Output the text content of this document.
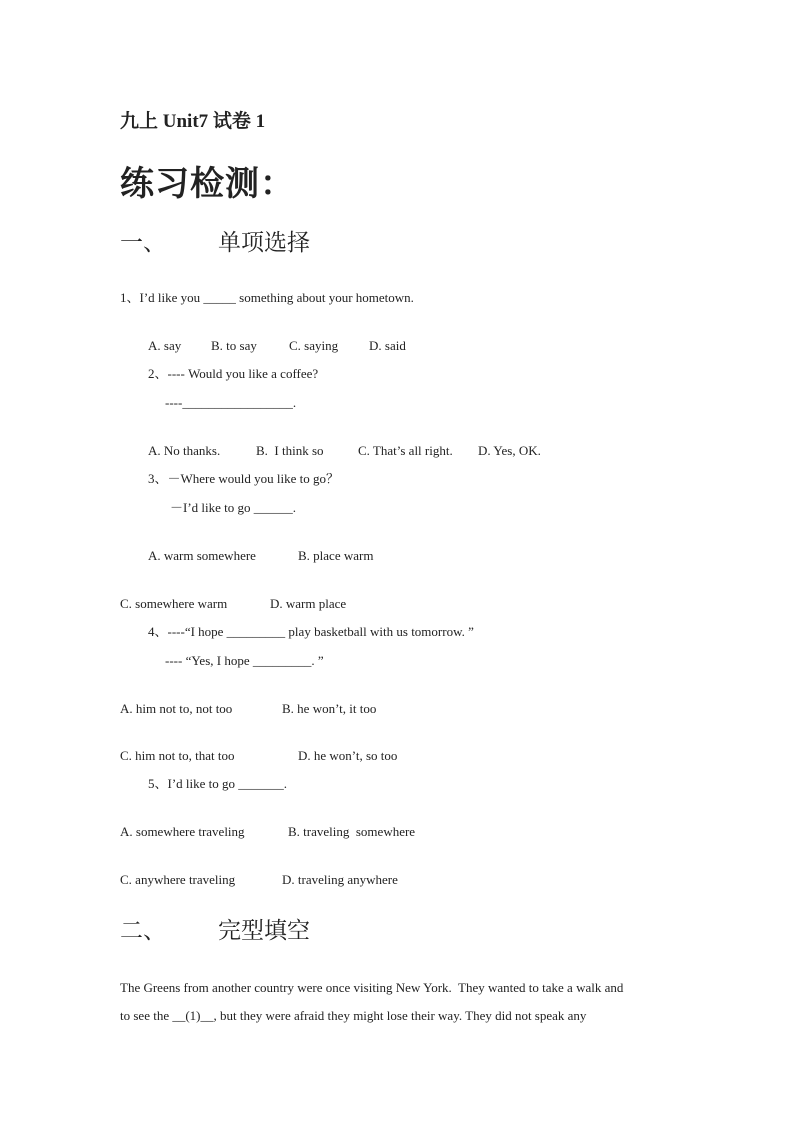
九上 Unit7 试卷 1
练习检测：
一、 单项选择
1、I’d like you _____ something about your hometown.
A. say B. to say C. saying D. said
2、---- Would you like a coffee?
----_________________.
A. No thanks.	B.  I think so	C. That’s all right. D. Yes, OK.
3、－Where would you like to go？
－I’d like to go ______.
A. warm somewhere	B. place warm
C. somewhere warm	D. warm place
4、----“I hope _________ play basketball with us tomorrow. ”
---- “Yes, I hope _________. ”
A. him not to, not too	B. he won’t, it too
C. him not to, that too	D. he won’t, so too
5、I’d like to go _______.
A. somewhere traveling	B. traveling  somewhere
C. anywhere traveling	D. traveling anywhere
二、 完型填空
The Greens from another country were once visiting New York.  They wanted to take a walk and
to see the __(1)__, but they were afraid they might lose their way. They did not speak any
